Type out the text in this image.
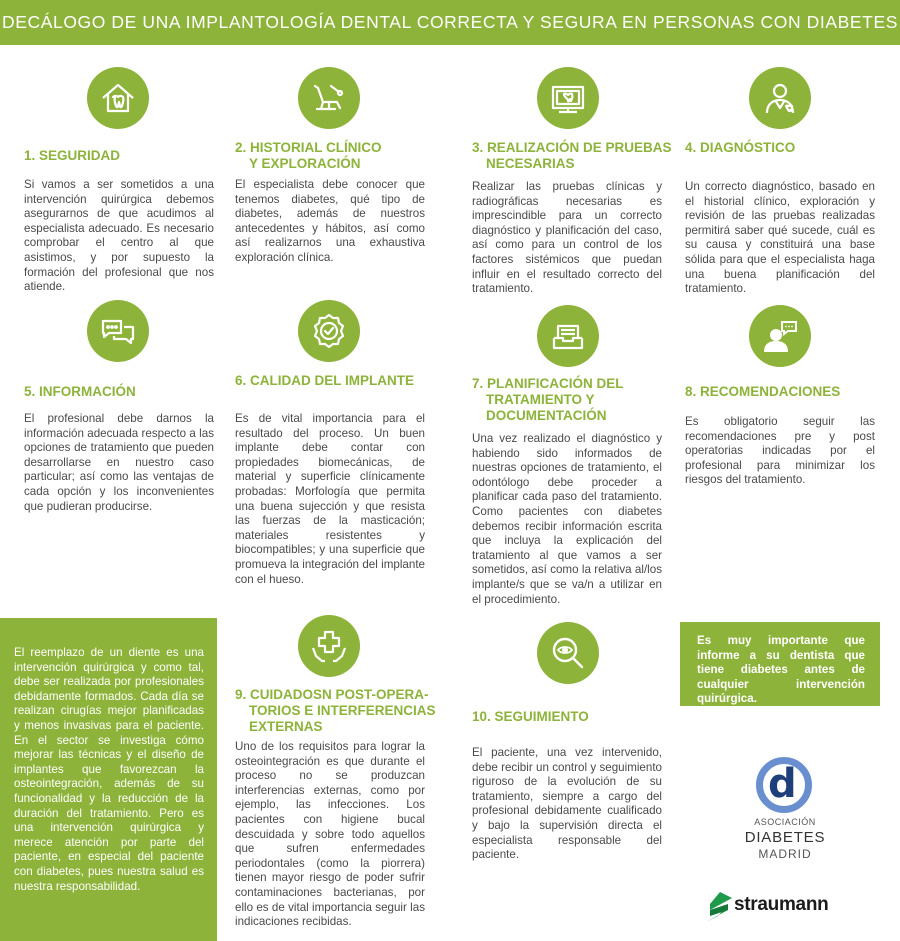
DECÁLOGO DE UNA IMPLANTOLOGÍA DENTAL CORRECTA Y SEGURA EN PERSONAS CON DIABETES
1. SEGURIDAD
Si vamos a ser sometidos a una intervención quirúrgica debemos asegurarnos de que acudimos al especialista adecuado. Es necesario comprobar el centro al que asistimos, y por supuesto la formación del profesional que nos atiende.
2. HISTORIAL CLÍNICO
Y EXPLORACIÓN
El especialista debe conocer que tenemos diabetes, qué tipo de diabetes, además de nuestros antecedentes y hábitos, así como así realizarnos una exhaustiva exploración clínica.
3. REALIZACIÓN DE PRUEBAS
NECESARIAS
Realizar las pruebas clínicas y radiográficas necesarias es imprescindible para un correcto diagnóstico y planificación del caso, así como para un control de los factores sistémicos que puedan influir en el resultado correcto del tratamiento.
4. DIAGNÓSTICO
Un correcto diagnóstico, basado en el historial clínico, exploración y revisión de las pruebas realizadas permitirá saber qué sucede, cuál es su causa y constituirá una base sólida para que el especialista haga una buena planificación del tratamiento.
5. INFORMACIÓN
El profesional debe darnos la información adecuada respecto a las opciones de tratamiento que pueden desarrollarse en nuestro caso particular; así como las ventajas de cada opción y los inconvenientes que pudieran producirse.
6. CALIDAD DEL IMPLANTE
Es de vital importancia para el resultado del proceso. Un buen implante debe contar con propiedades biomecánicas, de material y superficie clínicamente probadas: Morfología que permita una buena sujección y que resista las fuerzas de la masticación; materiales resistentes y biocompatibles; y una superficie que promueva la integración del implante con el hueso.
7. PLANIFICACIÓN DEL
TRATAMIENTO Y
DOCUMENTACIÓN
Una vez realizado el diagnóstico y habiendo sido informados de nuestras opciones de tratamiento, el odontólogo debe proceder a planificar cada paso del tratamiento. Como pacientes con diabetes debemos recibir información escrita que incluya la explicación del tratamiento al que vamos a ser sometidos, así como la relativa al/los implante/s que se va/n a utilizar en el procedimiento.
8. RECOMENDACIONES
Es obligatorio seguir las recomendaciones pre y post operatorias indicadas por el profesional para minimizar los riesgos del tratamiento.
El reemplazo de un diente es una intervención quirúrgica y como tal, debe ser realizada por profesionales debidamente formados. Cada día se realizan cirugías mejor planificadas y menos invasivas para el paciente. En el sector se investiga cómo mejorar las técnicas y el diseño de implantes que favorezcan la osteointegración, además de su funcionalidad y la reducción de la duración del tratamiento. Pero es una intervención quirúrgica y merece atención por parte del paciente, en especial del paciente con diabetes, pues nuestra salud es nuestra responsabilidad.
9. CUIDADOSN POST-OPERA-
TORIOS E INTERFERENCIAS
EXTERNAS
Uno de los requisitos para lograr la osteointegración es que durante el proceso no se produzcan interferencias externas, como por ejemplo, las infecciones. Los pacientes con higiene bucal descuidada y sobre todo aquellos que sufren enfermedades periodontales (como la piorrera) tienen mayor riesgo de poder sufrir contaminaciones bacterianas, por ello es de vital importancia seguir las indicaciones recibidas.
10. SEGUIMIENTO
El paciente, una vez intervenido, debe recibir un control y seguimiento riguroso de la evolución de su tratamiento, siempre a cargo del profesional debidamente cualificado y bajo la supervisión directa el especialista responsable del paciente.
Es muy importante que informe a su dentista que tiene diabetes antes de cualquier intervención quirúrgica.
d
ASOCIACIÓN
DIABETES
MADRID
straumann
